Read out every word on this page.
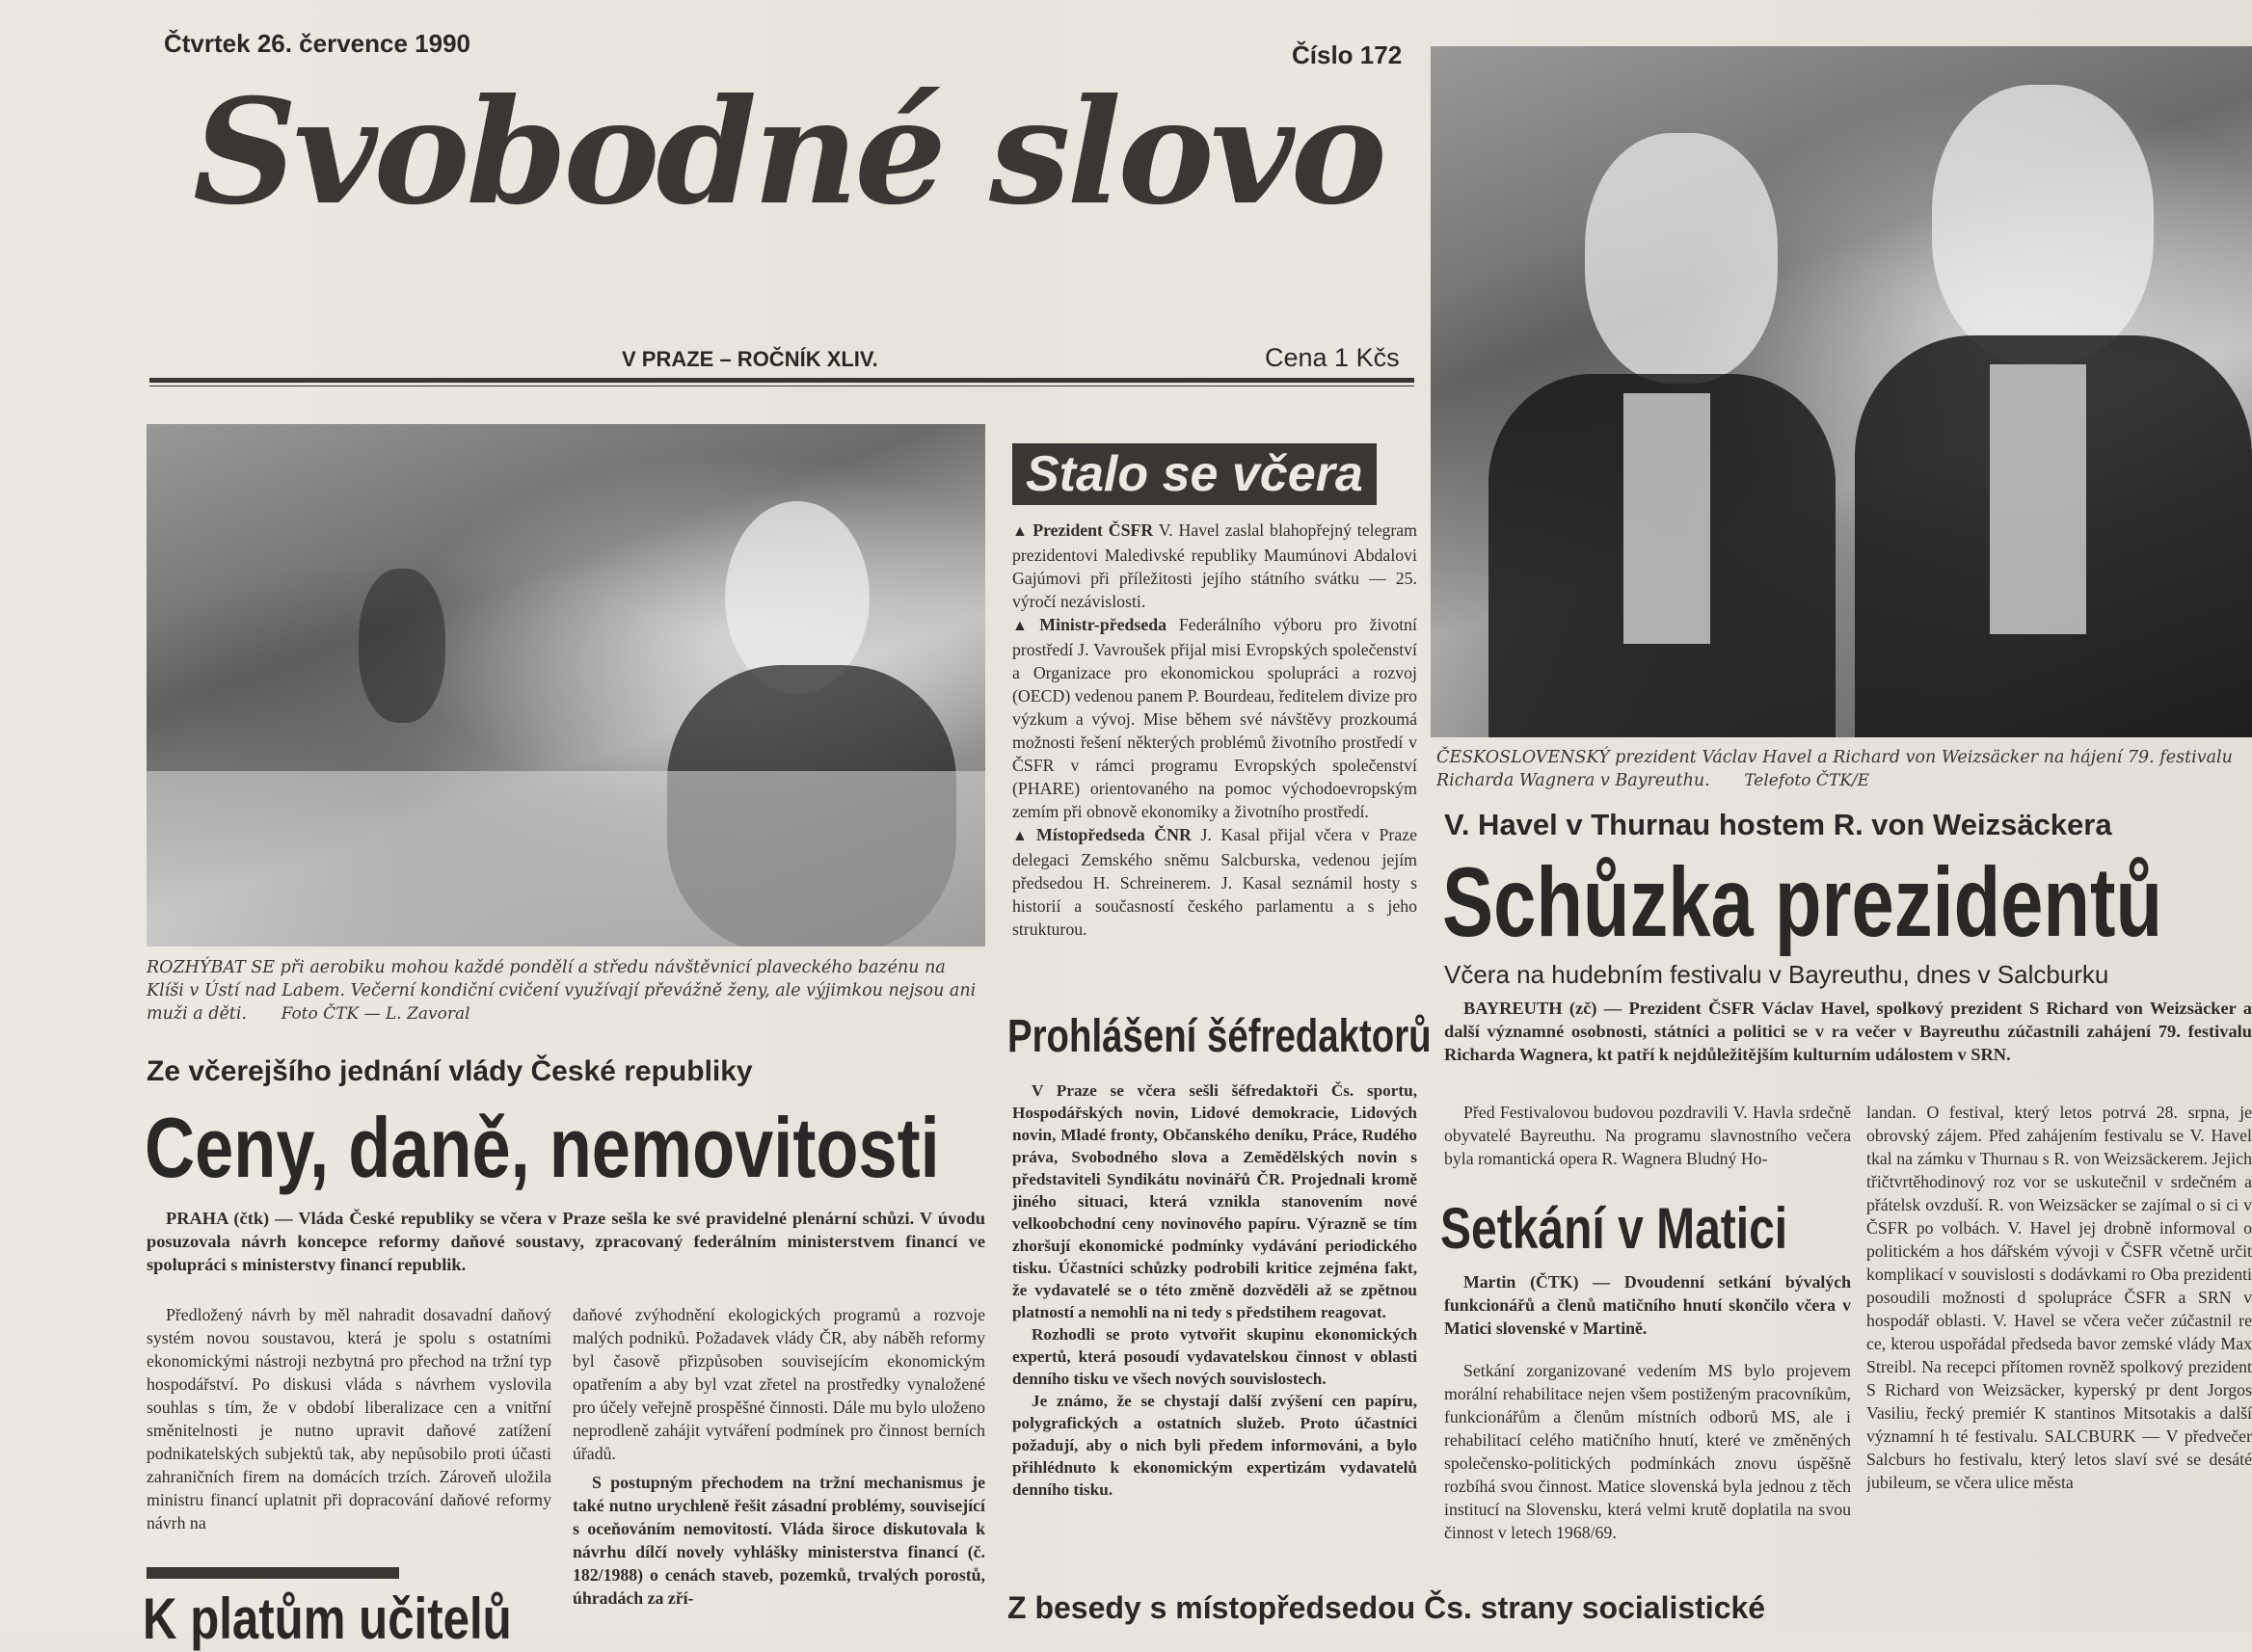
Čtvrtek 26. července 1990	Číslo 172
Svobodné slovo
V PRAZE – ROČNÍK XLIV.	Cena 1 Kčs
ROZHÝBAT SE při aerobiku mohou každé pondělí a středu návštěvnicí plaveckého bazénu na Klíši v Ústí nad Labem. Večerní kondiční cvičení využívají převážně ženy, ale výjimkou nejsou ani muži a děti. Foto ČTK — L. Zavoral
Stalo se včera
▲ Prezident ČSFR V. Havel zaslal blahopřejný telegram prezidentovi Maledivské republiky Maumúnovi Abdalovi Gajúmovi při příležitosti jejího státního svátku — 25. výročí nezávislosti.
▲ Ministr-předseda Federálního výboru pro životní prostředí J. Vavroušek přijal misi Evropských společenství a Organizace pro ekonomickou spolupráci a rozvoj (OECD) vedenou panem P. Bourdeau, ředitelem divize pro výzkum a vývoj. Mise během své návštěvy prozkoumá možnosti řešení některých problémů životního prostředí v ČSFR v rámci programu Evropských společenství (PHARE) orientovaného na pomoc východoevropským zemím při obnově ekonomiky a životního prostředí.
▲ Místopředseda ČNR J. Kasal přijal včera v Praze delegaci Zemského sněmu Salcburska, vedenou jejím předsedou H. Schreinerem. J. Kasal seznámil hosty s historií a současností českého parlamentu a s jeho strukturou.
Prohlášení šéfredaktorů
V Praze se včera sešli šéfredaktoři Čs. sportu, Hospodářských novin, Lidové demokracie, Lidových novin, Mladé fronty, Občanského deníku, Práce, Rudého práva, Svobodného slova a Zemědělských novin s představiteli Syndikátu novinářů ČR. Projednali kromě jiného situaci, která vznikla stanovením nové velkoobchodní ceny novinového papíru. Výrazně se tím zhoršují ekonomické podmínky vydávání periodického tisku. Účastníci schůzky podrobili kritice zejména fakt, že vydavatelé se o této změně dozvěděli až se zpětnou platností a nemohli na ni tedy s předstihem reagovat.
Rozhodli se proto vytvořit skupinu ekonomických expertů, která posoudí vydavatelskou činnost v oblasti denního tisku ve všech nových souvislostech.
Je známo, že se chystají další zvýšení cen papíru, polygrafických a ostatních služeb. Proto účastníci požadují, aby o nich byli předem informováni, a bylo přihlédnuto k ekonomickým expertizám vydavatelů denního tisku.
Ze včerejšího jednání vlády České republiky
Ceny, daně, nemovitosti
PRAHA (čtk) — Vláda České republiky se včera v Praze sešla ke své pravidelné plenární schůzi. V úvodu posuzovala návrh koncepce reformy daňové soustavy, zpracovaný federálním ministerstvem financí ve spolupráci s ministerstvy financí republik.
Předložený návrh by měl nahradit dosavadní daňový systém novou soustavou, která je spolu s ostatními ekonomickými nástroji nezbytná pro přechod na tržní typ hospodářství. Po diskusi vláda s návrhem vyslovila souhlas s tím, že v období liberalizace cen a vnitřní směnitelnosti je nutno upravit daňové zatížení podnikatelských subjektů tak, aby nepůsobilo proti účasti zahraničních firem na domácích trzích. Zároveň uložila ministru financí uplatnit při dopracování daňové reformy návrh na
daňové zvýhodnění ekologických programů a rozvoje malých podniků. Požadavek vlády ČR, aby náběh reformy byl časově přizpůsoben souvisejícím ekonomickým opatřením a aby byl vzat zřetel na prostředky vynaložené pro účely veřejně prospěšné činnosti. Dále mu bylo uloženo neprodleně zahájit vytváření podmínek pro činnost berních úřadů.
S postupným přechodem na tržní mechanismus je také nutno urychleně řešit zásadní problémy, související s oceňováním nemovitostí. Vláda široce diskutovala k návrhu dílčí novely vyhlášky ministerstva financí (č. 182/1988) o cenách staveb, pozemků, trvalých porostů, úhradách za zří-
K platům učitelů	Z besedy s místopředsedou Čs. strany socialistické
ČESKOSLOVENSKÝ prezident Václav Havel a Richard von Weizsäcker na hájení 79. festivalu Richarda Wagnera v Bayreuthu. Telefoto ČTK/E
V. Havel v Thurnau hostem R. von Weizsäckera
Schůzka prezidentů
Včera na hudebním festivalu v Bayreuthu, dnes v Salcburku
BAYREUTH (zč) — Prezident ČSFR Václav Havel, spolkový prezident S Richard von Weizsäcker a další významné osobnosti, státníci a politici se v ra večer v Bayreuthu zúčastnili zahájení 79. festivalu Richarda Wagnera, kt patří k nejdůležitějším kulturním událostem v SRN.
Před Festivalovou budovou pozdravili V. Havla srdečně obyvatelé Bayreuthu. Na programu slavnostního večera byla romantická opera R. Wagnera Bludný Ho-
landan. O festival, který letos potrvá 28. srpna, je obrovský zájem. Před zahájením festivalu se V. Havel tkal na zámku v Thurnau s R. von Weizsäckerem. Jejich třičtvrtěhodinový roz vor se uskutečnil v srdečném a přátelsk ovzduší. R. von Weizsäcker se zajímal o si ci v ČSFR po volbách. V. Havel jej drobně informoval o politickém a hos dářském vývoji v ČSFR včetně určit komplikací v souvislosti s dodávkami ro Oba prezidenti posoudili možnosti d spolupráce ČSFR a SRN v hospodář oblasti. V. Havel se včera večer zúčastnil re ce, kterou uspořádal předseda bavor zemské vlády Max Streibl. Na recepci přítomen rovněž spolkový prezident S Richard von Weizsäcker, kyperský pr dent Jorgos Vasiliu, řecký premiér K stantinos Mitsotakis a další významní h té festivalu. SALCBURK — V předvečer Salcburs ho festivalu, který letos slaví své se desáté jubileum, se včera ulice města
Setkání v Matici
Martin (ČTK) — Dvoudenní setkání bývalých funkcionářů a členů matičního hnutí skončilo včera v Matici slovenské v Martině.
Setkání zorganizované vedením MS bylo projevem morální rehabilitace nejen všem postiženým pracovníkům, funkcionářům a členům místních odborů MS, ale i rehabilitací celého matičního hnutí, které ve změněných společensko-politických podmínkách znovu úspěšně rozbíhá svou činnost. Matice slovenská byla jednou z těch institucí na Slovensku, která velmi krutě doplatila na svou činnost v letech 1968/69.
